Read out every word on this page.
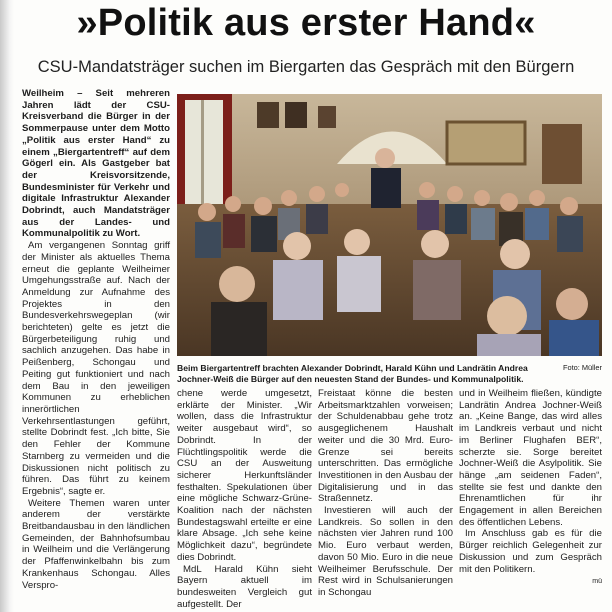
»Politik aus erster Hand«
CSU-Mandatsträger suchen im Biergarten das Gespräch mit den Bürgern

Weilheim – Seit mehreren Jahren lädt der CSU-Kreisverband die Bürger in der Sommerpause unter dem Motto „Politik aus erster Hand“ zu einem „Biergartentreff“ auf dem Gögerl ein. Als Gastgeber bat der Kreisvorsitzende, Bundesminister für Verkehr und digitale Infrastruktur Alexander Dobrindt, auch Mandatsträger aus der Landes- und Kommunalpolitik zu Wort.

Am vergangenen Sonntag griff der Minister als aktuelles Thema erneut die geplante Weilheimer Umgehungsstraße auf. Nach der Anmeldung zur Aufnahme des Projektes in den Bundesverkehrswegeplan (wir berichteten) gelte es jetzt die Bürgerbeteiligung ruhig und sachlich anzugehen. Das habe in Peißenberg, Schongau und Peiting gut funktioniert und nach dem Bau in den jeweiligen Kommunen zu erheblichen innerörtlichen Verkehrsentlastungen geführt, stellte Dobrindt fest. „Ich bitte, Sie den Fehler der Kommune Starnberg zu vermeiden und die Diskussionen nicht politisch zu führen. Das führt zu keinem Ergebnis“, sagte er.

Weitere Themen waren unter anderem der verstärkte Breitbandausbau in den ländlichen Gemeinden, der Bahnhofsumbau in Weilheim und die Verlängerung der Pfaffenwinkelbahn bis zum Krankenhaus Schongau. Alles Verspro-

Foto: Müller
Beim Biergartentreff brachten Alexander Dobrindt, Harald Kühn und Landrätin Andrea Jochner-Weiß die Bürger auf den neuesten Stand der Bundes- und Kommunalpolitik.

chene werde umgesetzt, erklärte der Minister. „Wir wollen, dass die Infrastruktur weiter ausgebaut wird“, so Dobrindt. In der Flüchtlingspolitik werde die CSU an der Ausweitung sicherer Herkunftsländer festhalten. Spekulationen über eine mögliche Schwarz-Grüne-Koalition nach der nächsten Bundestagswahl erteilte er eine klare Absage. „Ich sehe keine Möglichkeit dazu“, begründete dies Dobrindt.

MdL Harald Kühn sieht Bayern aktuell im bundesweiten Vergleich gut aufgestellt. Der

Freistaat könne die besten Arbeitsmarktzahlen vorweisen; der Schuldenabbau gehe trotz ausgeglichenem Haushalt weiter und die 30 Mrd. Euro-Grenze sei bereits unterschritten. Das ermögliche Investitionen in den Ausbau der Digitalisierung und in das Straßennetz.

Investieren will auch der Landkreis. So sollen in den nächsten vier Jahren rund 100 Mio. Euro verbaut werden, davon 50 Mio. Euro in die neue Weilheimer Berufsschule. Der Rest wird in Schulsanierungen in Schongau

und in Weilheim fließen, kündigte Landrätin Andrea Jochner-Weiß an. „Keine Bange, das wird alles im Landkreis verbaut und nicht im Berliner Flughafen BER“, scherzte sie. Sorge bereitet Jochner-Weiß die Asylpolitik. Sie hänge „am seidenen Faden“, stellte sie fest und dankte den Ehrenamtlichen für ihr Engagement in allen Bereichen des öffentlichen Lebens.

Im Anschluss gab es für die Bürger reichlich Gelegenheit zur Diskussion und zum Gespräch mit den Politikern.

mü
